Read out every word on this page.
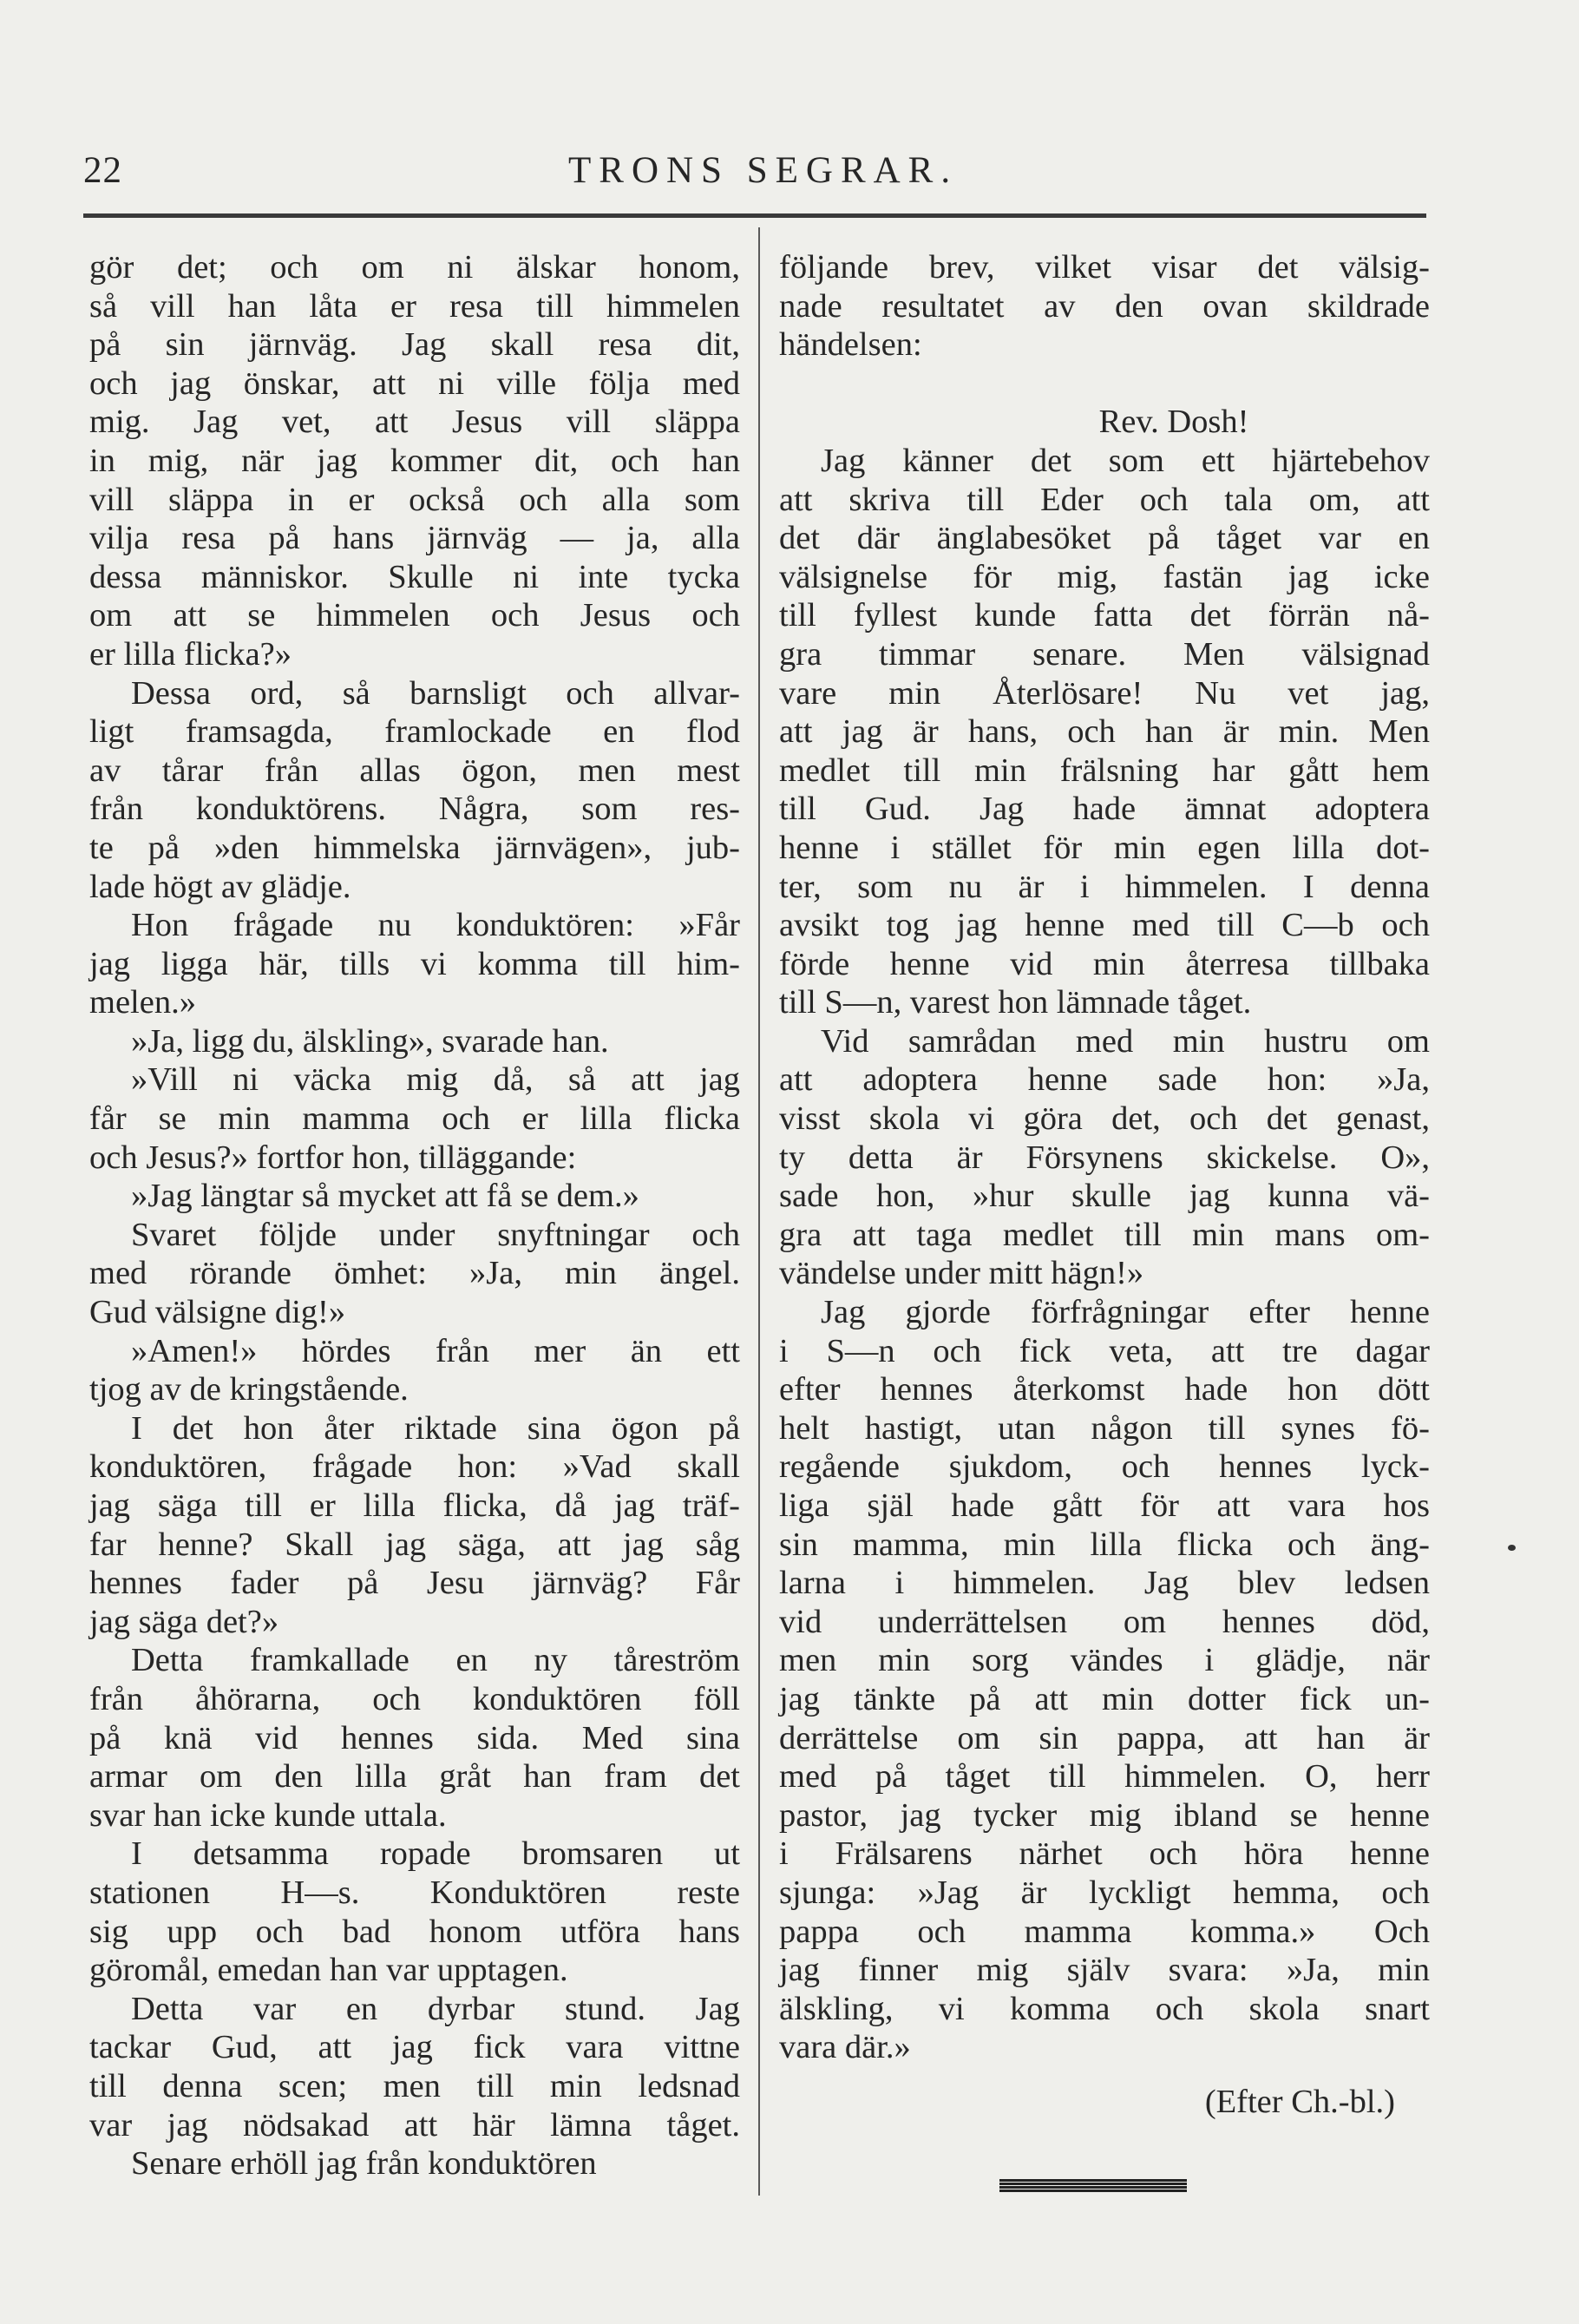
22	TRONS SEGRAR.
gör det; och om ni älskar honom,
så vill han låta er resa till himmelen
på sin järnväg. Jag skall resa dit,
och jag önskar, att ni ville följa med
mig. Jag vet, att Jesus vill släppa
in mig, när jag kommer dit, och han
vill släppa in er också och alla som
vilja resa på hans järnväg — ja, alla
dessa människor. Skulle ni inte tycka
om att se himmelen och Jesus och
er lilla flicka?»
Dessa ord, så barnsligt och allvar-
ligt framsagda, framlockade en flod
av tårar från allas ögon, men mest
från konduktörens. Några, som res-
te på »den himmelska järnvägen», jub-
lade högt av glädje.
Hon frågade nu konduktören: »Får
jag ligga här, tills vi komma till him-
melen.»
»Ja, ligg du, älskling», svarade han.
»Vill ni väcka mig då, så att jag
får se min mamma och er lilla flicka
och Jesus?» fortfor hon, tilläggande:
»Jag längtar så mycket att få se dem.»
Svaret följde under snyftningar och
med rörande ömhet: »Ja, min ängel.
Gud välsigne dig!»
»Amen!» hördes från mer än ett
tjog av de kringstående.
I det hon åter riktade sina ögon på
konduktören, frågade hon: »Vad skall
jag säga till er lilla flicka, då jag träf-
far henne? Skall jag säga, att jag såg
hennes fader på Jesu järnväg? Får
jag säga det?»
Detta framkallade en ny tåreström
från åhörarna, och konduktören föll
på knä vid hennes sida. Med sina
armar om den lilla gråt han fram det
svar han icke kunde uttala.
I detsamma ropade bromsaren ut
stationen H—s. Konduktören reste
sig upp och bad honom utföra hans
göromål, emedan han var upptagen.
Detta var en dyrbar stund. Jag
tackar Gud, att jag fick vara vittne
till denna scen; men till min ledsnad
var jag nödsakad att här lämna tåget.
Senare erhöll jag från konduktören
följande brev, vilket visar det välsig-
nade resultatet av den ovan skildrade
händelsen:
Rev. Dosh!
Jag känner det som ett hjärtebehov
att skriva till Eder och tala om, att
det där änglabesöket på tåget var en
välsignelse för mig, fastän jag icke
till fyllest kunde fatta det förrän nå-
gra timmar senare. Men välsignad
vare min Återlösare! Nu vet jag,
att jag är hans, och han är min. Men
medlet till min frälsning har gått hem
till Gud. Jag hade ämnat adoptera
henne i stället för min egen lilla dot-
ter, som nu är i himmelen. I denna
avsikt tog jag henne med till C—b och
förde henne vid min återresa tillbaka
till S—n, varest hon lämnade tåget.
Vid samrådan med min hustru om
att adoptera henne sade hon: »Ja,
visst skola vi göra det, och det genast,
ty detta är Försynens skickelse. O»,
sade hon, »hur skulle jag kunna vä-
gra att taga medlet till min mans om-
vändelse under mitt hägn!»
Jag gjorde förfrågningar efter henne
i S—n och fick veta, att tre dagar
efter hennes återkomst hade hon dött
helt hastigt, utan någon till synes fö-
regående sjukdom, och hennes lyck-
liga själ hade gått för att vara hos
sin mamma, min lilla flicka och äng-
larna i himmelen. Jag blev ledsen
vid underrättelsen om hennes död,
men min sorg vändes i glädje, när
jag tänkte på att min dotter fick un-
derrättelse om sin pappa, att han är
med på tåget till himmelen. O, herr
pastor, jag tycker mig ibland se henne
i Frälsarens närhet och höra henne
sjunga: »Jag är lyckligt hemma, och
pappa och mamma komma.» Och
jag finner mig själv svara: »Ja, min
älskling, vi komma och skola snart
vara där.»
(Efter Ch.-bl.)
